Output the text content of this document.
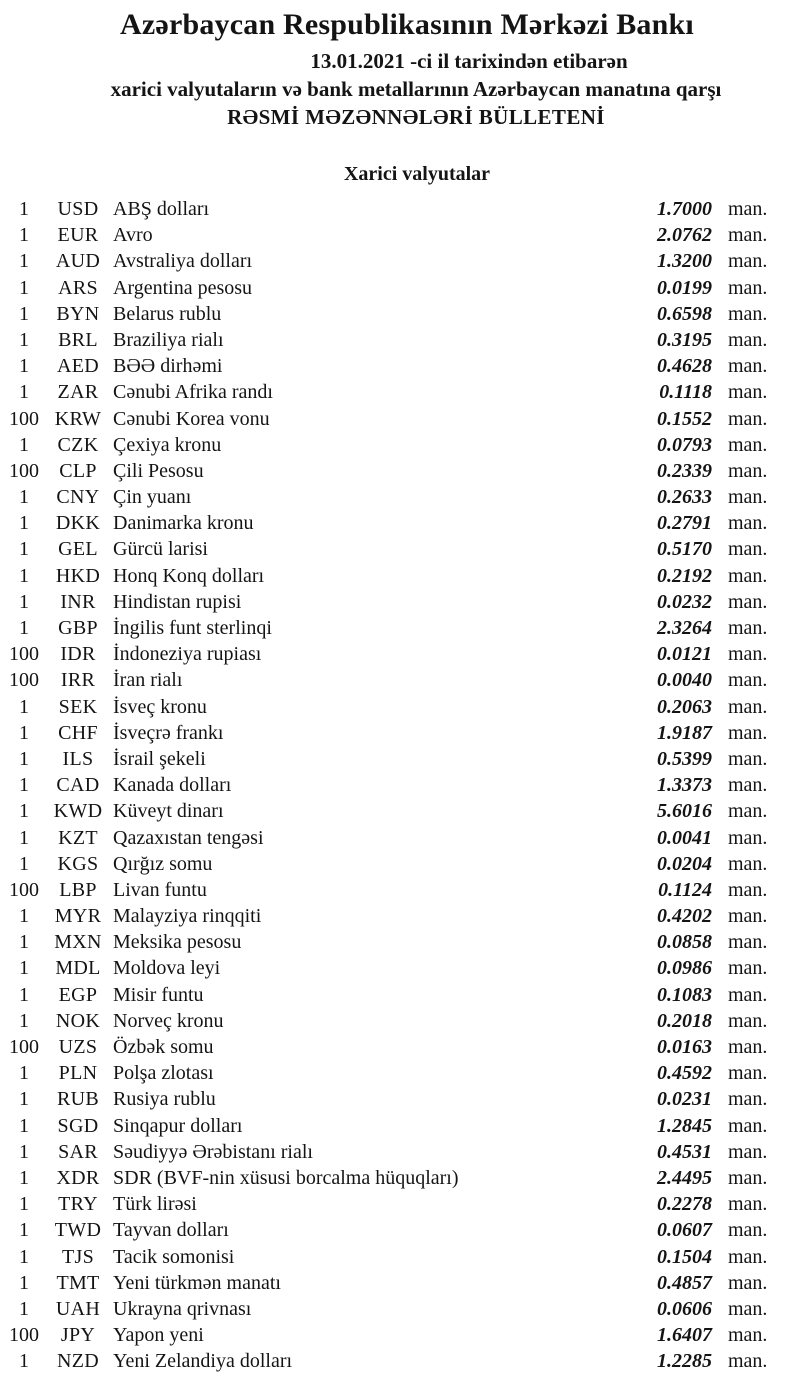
Azərbaycan Respublikasının Mərkəzi Bankı
13.01.2021 -ci il tarixindən etibarən
xarici valyutaların və bank metallarının Azərbaycan manatına qarşı
RƏSMİ MƏZƏNNƏLƏRİ BÜLLETENİ
Xarici valyutalar
1	USD ABŞ dolları	1.7000 man.
1	EUR Avro	2.0762 man.
1	AUD Avstraliya dolları	1.3200 man.
1	ARS Argentina pesosu	0.0199 man.
1	BYN Belarus rublu	0.6598 man.
1	BRL Braziliya rialı	0.3195 man.
1	AED BƏƏ dirhəmi	0.4628 man.
1	ZAR Cənubi Afrika randı	0.1118 man.
100 KRW Cənubi Korea vonu	0.1552 man.
1	CZK Çexiya kronu	0.0793 man.
100	CLP Çili Pesosu	0.2339 man.
1	CNY Çin yuanı	0.2633 man.
1	DKK Danimarka kronu	0.2791 man.
1	GEL Gürcü larisi	0.5170 man.
1	HKD Honq Konq dolları	0.2192 man.
1	INR Hindistan rupisi	0.0232 man.
1	GBP İngilis funt sterlinqi	2.3264 man.
100	IDR İndoneziya rupiası	0.0121 man.
100	IRR İran rialı	0.0040 man.
1	SEK İsveç kronu	0.2063 man.
1	CHF İsveçrə frankı	1.9187 man.
1	ILS İsrail şekeli	0.5399 man.
1	CAD Kanada dolları	1.3373 man.
1	KWD Küveyt dinarı	5.6016 man.
1	KZT Qazaxıstan tengəsi	0.0041 man.
1	KGS Qırğız somu	0.0204 man.
100	LBP Livan funtu	0.1124 man.
1	MYR Malayziya rinqqiti	0.4202 man.
1	MXN Meksika pesosu	0.0858 man.
1	MDL Moldova leyi	0.0986 man.
1	EGP Misir funtu	0.1083 man.
1	NOK Norveç kronu	0.2018 man.
100 UZS Özbək somu	0.0163 man.
1	PLN Polşa zlotası	0.4592 man.
1	RUB Rusiya rublu	0.0231 man.
1	SGD Sinqapur dolları	1.2845 man.
1	SAR Səudiyyə Ərəbistanı rialı	0.4531 man.
1	XDR SDR (BVF-nin xüsusi borcalma hüquqları)	2.4495 man.
1	TRY Türk lirəsi	0.2278 man.
1	TWD Tayvan dolları	0.0607 man.
1	TJS Tacik somonisi	0.1504 man.
1	TMT Yeni türkmən manatı	0.4857 man.
1	UAH Ukrayna qrivnası	0.0606 man.
100	JPY Yapon yeni	1.6407 man.
1	NZD Yeni Zelandiya dolları	1.2285 man.
